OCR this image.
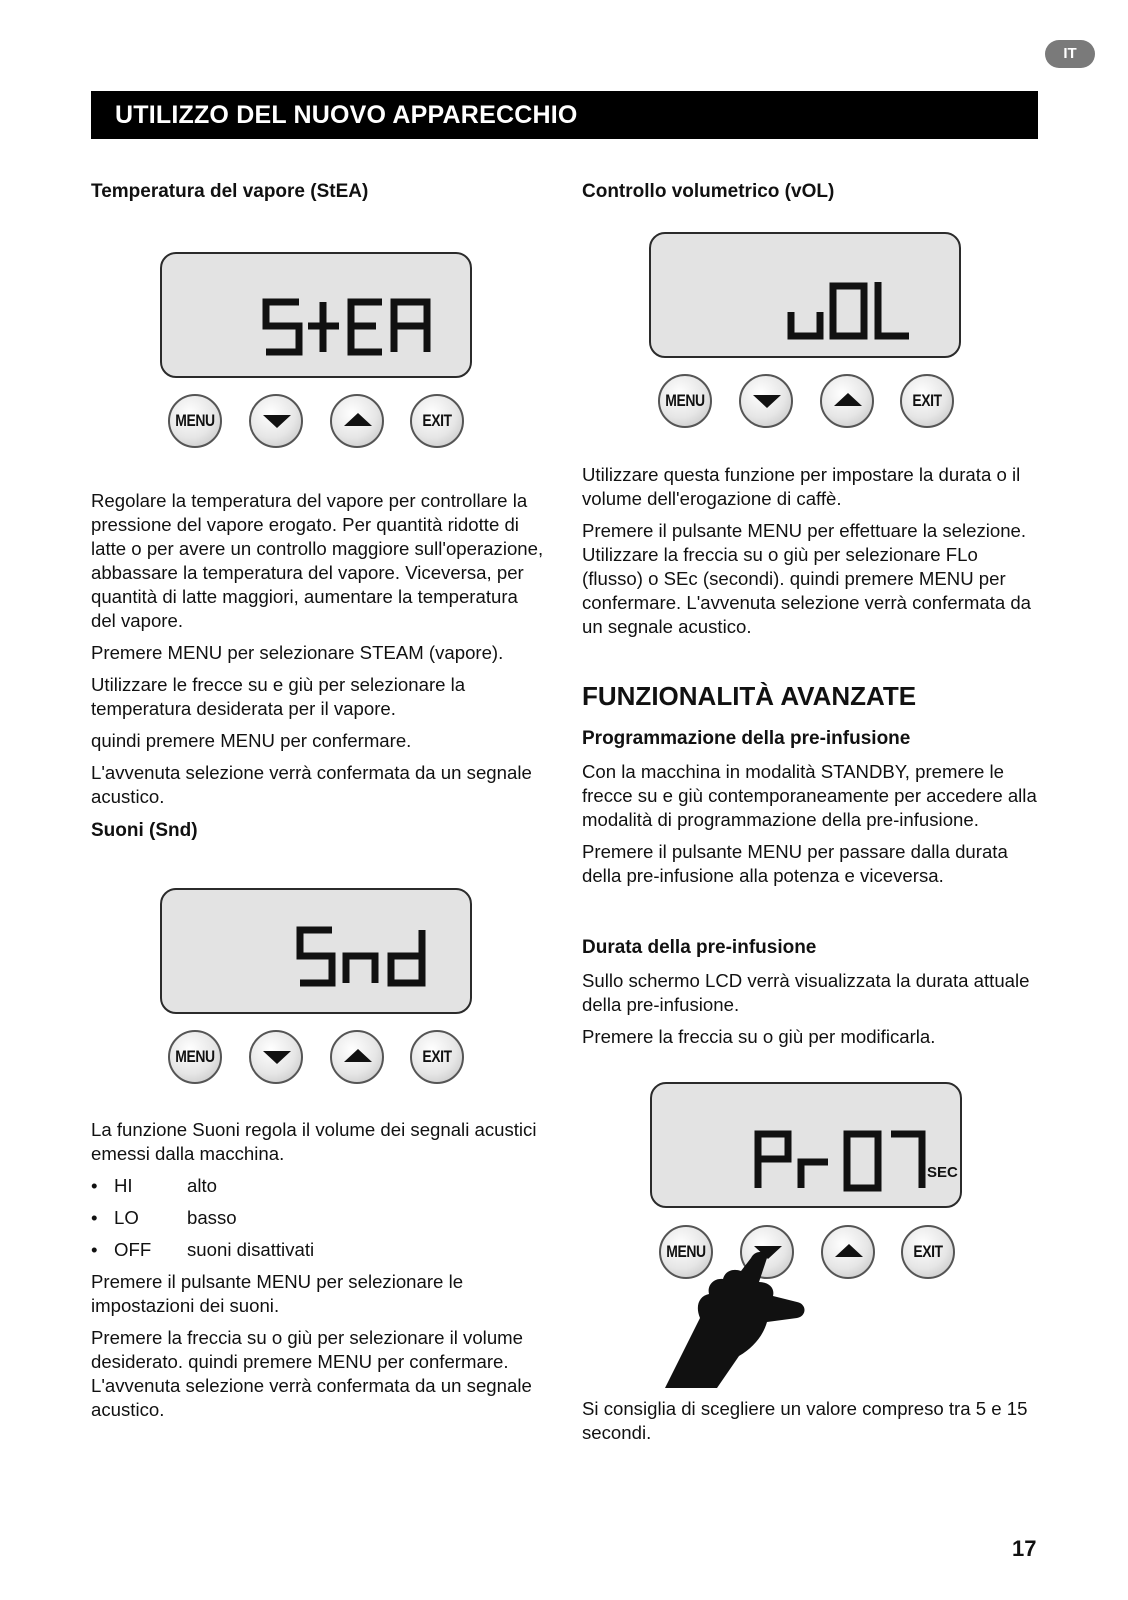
IT
UTILIZZO DEL NUOVO APPARECCHIO
Temperatura del vapore (StEA)
MENU	EXIT

Regolare la temperatura del vapore per controllare la pressione del vapore erogato. Per quantità ridotte di latte o per avere un controllo maggiore sull'operazione, abbassare la temperatura del vapore. Viceversa, per quantità di latte maggiori, aumentare la temperatura del vapore.

Premere MENU per selezionare STEAM (vapore).

Utilizzare le frecce su e giù per selezionare la temperatura desiderata per il vapore.

quindi premere MENU per confermare.

L'avvenuta selezione verrà confermata da un segnale acustico.

Suoni (Snd)
MENU	EXIT

La funzione Suoni regola il volume dei segnali acustici emessi dalla macchina.

• HI	alto
• LO	basso
• OFF suoni disattivati

Premere il pulsante MENU per selezionare le impostazioni dei suoni.

Premere la freccia su o giù per selezionare il volume desiderato. quindi premere MENU per confermare. L'avvenuta selezione verrà confermata da un segnale acustico.

Controllo volumetrico (vOL)
MENU	EXIT

Utilizzare questa funzione per impostare la durata o il volume dell'erogazione di caffè.

Premere il pulsante MENU per effettuare la selezione. Utilizzare la freccia su o giù per selezionare FLo (flusso) o SEc (secondi). quindi premere MENU per confermare. L'avvenuta selezione verrà confermata da un segnale acustico.

FUNZIONALITÀ AVANZATE
Programmazione della pre-infusione

Con la macchina in modalità STANDBY, premere le frecce su e giù contemporaneamente per accedere alla modalità di programmazione della pre-infusione.

Premere il pulsante MENU per passare dalla durata della pre-infusione alla potenza e viceversa.

Durata della pre-infusione

Sullo schermo LCD verrà visualizzata la durata attuale della pre-infusione.

Premere la freccia su o giù per modificarla.

SEC
MENU	EXIT

Si consiglia di scegliere un valore compreso tra 5 e 15 secondi.

17
